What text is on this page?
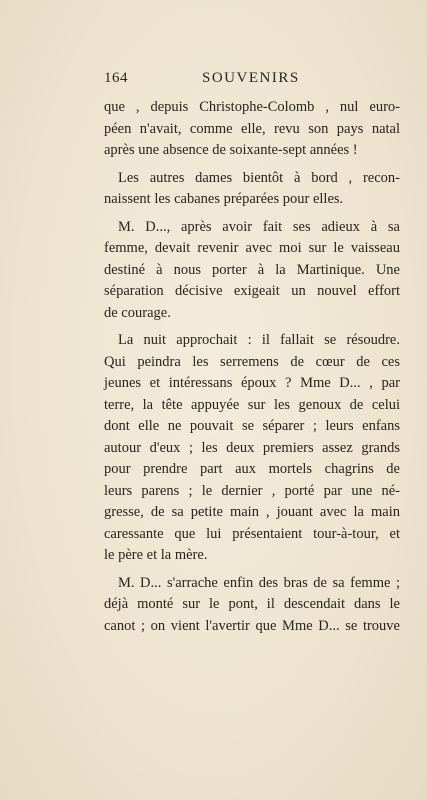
164	SOUVENIRS

que , depuis Christophe-Colomb , nul euro-
péen n'avait, comme elle, revu son pays natal
après une absence de soixante-sept années !

Les autres dames bientôt à bord , recon-
naissent les cabanes préparées pour elles.

M. D..., après avoir fait ses adieux à sa
femme, devait revenir avec moi sur le vaisseau
destiné à nous porter à la Martinique. Une
séparation décisive exigeait un nouvel effort
de courage.

La nuit approchait : il fallait se résoudre.
Qui peindra les serremens de cœur de ces
jeunes et intéressans époux ? Mme D... , par
terre, la tête appuyée sur les genoux de celui
dont elle ne pouvait se séparer ; leurs enfans
autour d'eux ; les deux premiers assez grands
pour prendre part aux mortels chagrins de
leurs parens ; le dernier , porté par une né-
gresse, de sa petite main , jouant avec la main
caressante que lui présentaient tour-à-tour, et
le père et la mère.

M. D... s'arrache enfin des bras de sa femme ;
déjà monté sur le pont, il descendait dans le
canot ; on vient l'avertir que Mme D... se trouve
